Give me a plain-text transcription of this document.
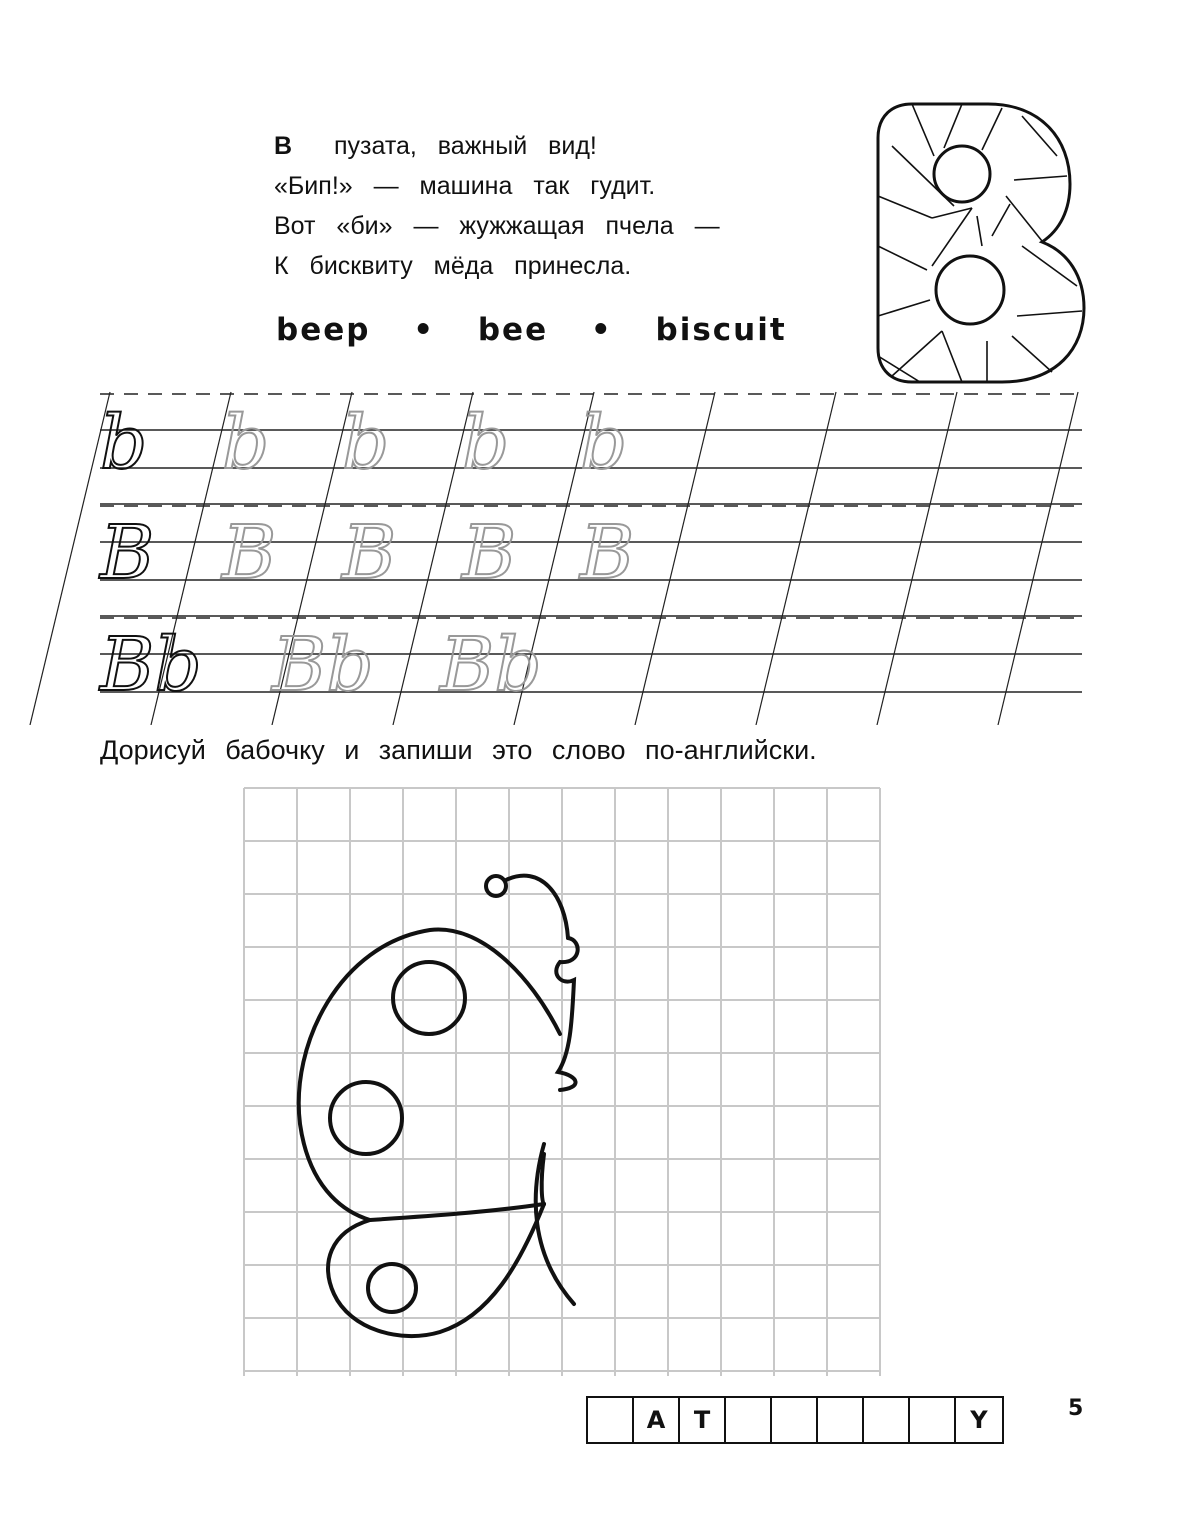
B пузата, важный вид!
«Бип!» — машина так гудит.
Вот «би» — жужжащая пчела —
К бисквиту мёда принесла.
beep • bee • biscuit
b b b b b
B B B B B
Bb Bb Bb
Дорисуй бабочку и запиши это слово по-английски.
A	T	Y	5
